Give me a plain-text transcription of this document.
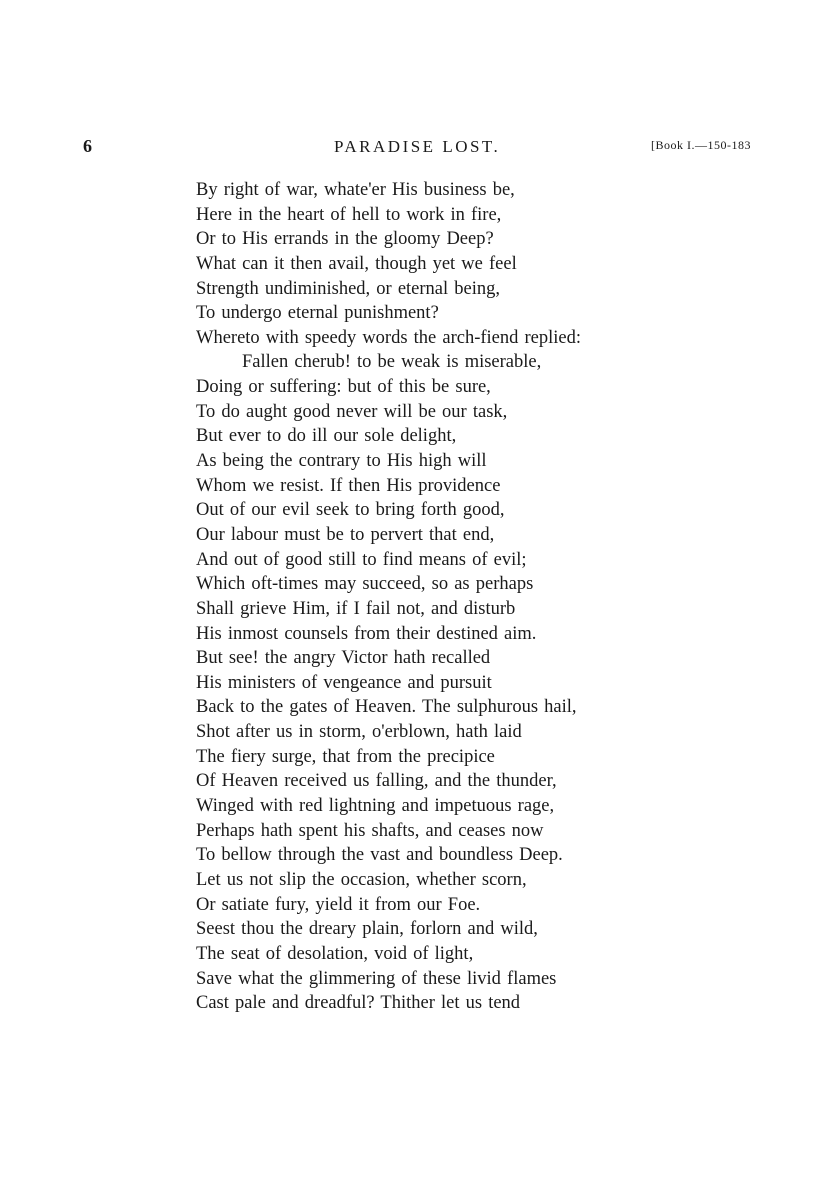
6	PARADISE LOST.	[Book I.—150-183
By right of war, whate'er His business be,
Here in the heart of hell to work in fire,
Or to His errands in the gloomy Deep?
What can it then avail, though yet we feel
Strength undiminished, or eternal being,
To undergo eternal punishment?
Whereto with speedy words the arch-fiend replied:
Fallen cherub! to be weak is miserable,
Doing or suffering: but of this be sure,
To do aught good never will be our task,
But ever to do ill our sole delight,
As being the contrary to His high will
Whom we resist. If then His providence
Out of our evil seek to bring forth good,
Our labour must be to pervert that end,
And out of good still to find means of evil;
Which oft-times may succeed, so as perhaps
Shall grieve Him, if I fail not, and disturb
His inmost counsels from their destined aim.
But see! the angry Victor hath recalled
His ministers of vengeance and pursuit
Back to the gates of Heaven. The sulphurous hail,
Shot after us in storm, o'erblown, hath laid
The fiery surge, that from the precipice
Of Heaven received us falling, and the thunder,
Winged with red lightning and impetuous rage,
Perhaps hath spent his shafts, and ceases now
To bellow through the vast and boundless Deep.
Let us not slip the occasion, whether scorn,
Or satiate fury, yield it from our Foe.
Seest thou the dreary plain, forlorn and wild,
The seat of desolation, void of light,
Save what the glimmering of these livid flames
Cast pale and dreadful? Thither let us tend
